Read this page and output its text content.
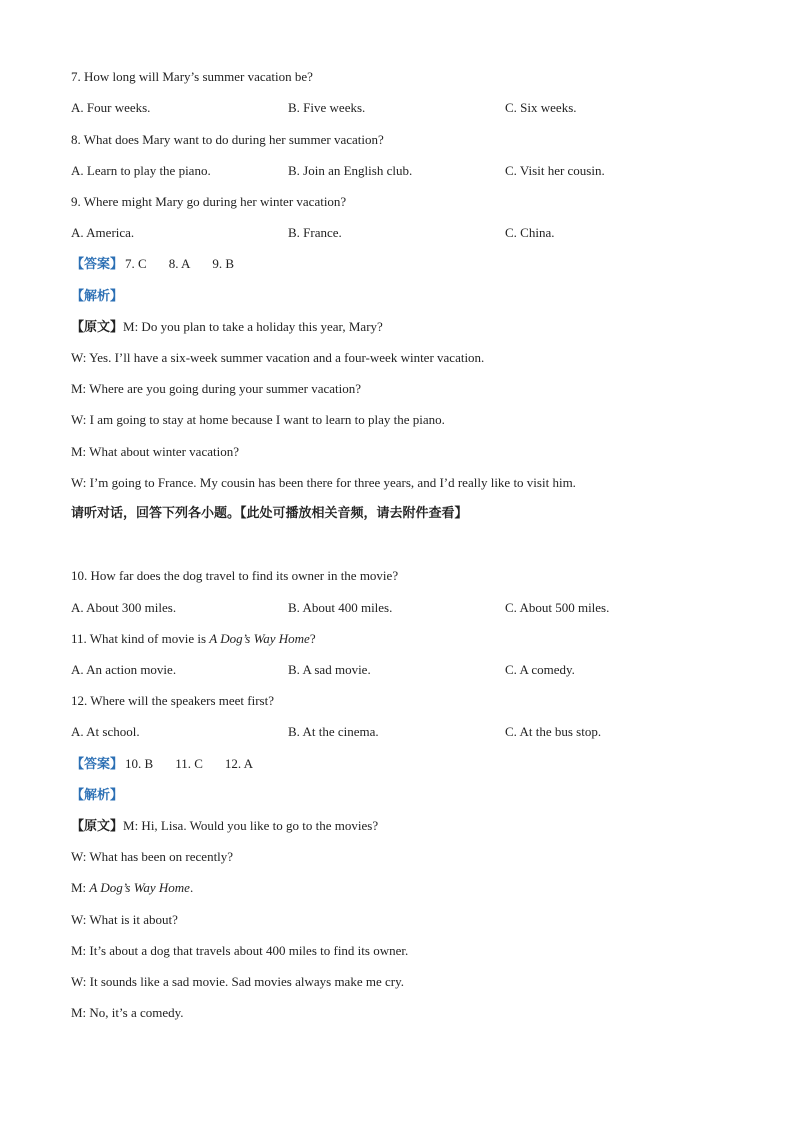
7. How long will Mary’s summer vacation be?
A. Four weeks.	B. Five weeks.	C. Six weeks.
8. What does Mary want to do during her summer vacation?
A. Learn to play the piano.	B. Join an English club.	C. Visit her cousin.
9. Where might Mary go during her winter vacation?
A. America.	B. France.	C. China.
【答案】 7. C 8. A 9. B
【解析】
【原文】M: Do you plan to take a holiday this year, Mary?
W: Yes. I’ll have a six-week summer vacation and a four-week winter vacation.
M: Where are you going during your summer vacation?
W: I am going to stay at home because I want to learn to play the piano.
M: What about winter vacation?
W: I’m going to France. My cousin has been there for three years, and I’d really like to visit him.
请听对话，回答下列各小题。【此处可播放相关音频，请去附件查看】
10. How far does the dog travel to find its owner in the movie?
A. About 300 miles.	B. About 400 miles.	C. About 500 miles.
11. What kind of movie is A Dog’s Way Home?
A. An action movie.	B. A sad movie.	C. A comedy.
12. Where will the speakers meet first?
A. At school.	B. At the cinema.	C. At the bus stop.
【答案】 10. B 11. C 12. A
【解析】
【原文】M: Hi, Lisa. Would you like to go to the movies?
W: What has been on recently?
M: A Dog’s Way Home.
W: What is it about?
M: It’s about a dog that travels about 400 miles to find its owner.
W: It sounds like a sad movie. Sad movies always make me cry.
M: No, it’s a comedy.
